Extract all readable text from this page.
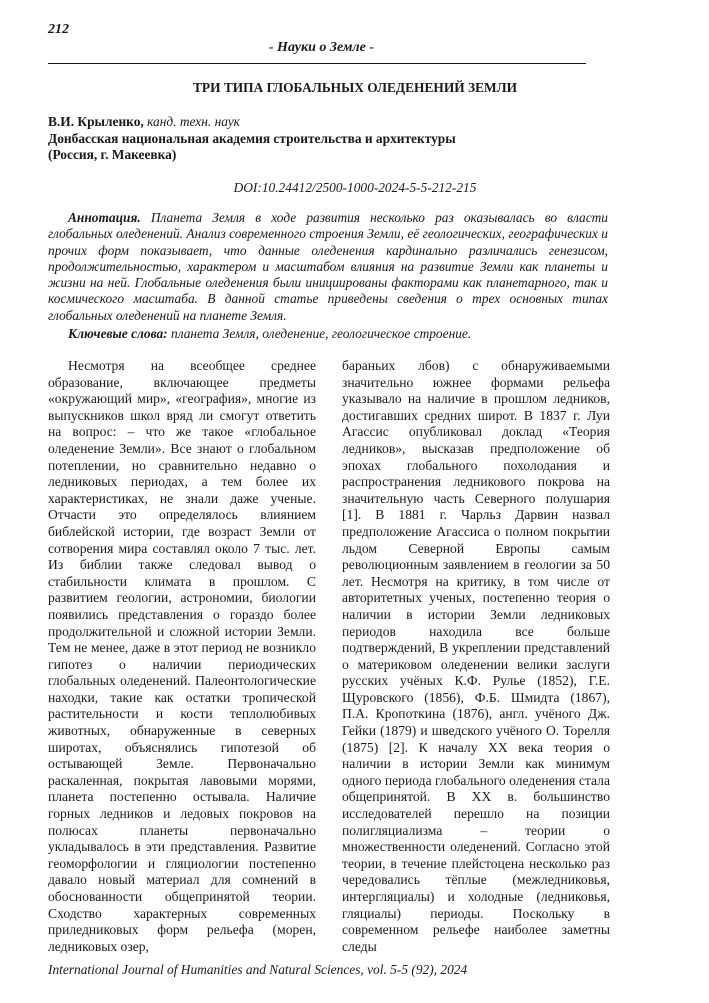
212
- Науки о Земле -
ТРИ ТИПА ГЛОБАЛЬНЫХ ОЛЕДЕНЕНИЙ ЗЕМЛИ
В.И. Крыленко, канд. техн. наук
Донбасская национальная академия строительства и архитектуры
(Россия, г. Макеевка)
DOI:10.24412/2500-1000-2024-5-5-212-215

Аннотация. Планета Земля в ходе развития несколько раз оказывалась во власти глобальных оледенений. Анализ современного строения Земли, её геологических, географических и прочих форм показывает, что данные оледенения кардинально различались генезисом, продолжительностью, характером и масштабом влияния на развитие Земли как планеты и жизни на ней. Глобальные оледенения были инициированы факторами как планетарного, так и космического масштаба. В данной статье приведены сведения о трех основных типах глобальных оледенений на планете Земля.

Ключевые слова: планета Земля, оледенение, геологическое строение.

Несмотря на всеобщее среднее образование, включающее предметы «окружающий мир», «география», многие из выпускников школ вряд ли смогут ответить на вопрос: – что же такое «глобальное оледенение Земли». Все знают о глобальном потеплении, но сравнительно недавно о ледниковых периодах, а тем более их характеристиках, не знали даже ученые. Отчасти это определялось влиянием библейской истории, где возраст Земли от сотворения мира составлял около 7 тыс. лет. Из библии также следовал вывод о стабильности климата в прошлом. С развитием геологии, астрономии, биологии появились представления о гораздо более продолжительной и сложной истории Земли. Тем не менее, даже в этот период не возникло гипотез о наличии периодических глобальных оледенений. Палеонтологические находки, такие как остатки тропической растительности и кости теплолюбивых животных, обнаруженные в северных широтах, объяснялись гипотезой об остывающей Земле. Первоначально раскаленная, покрытая лавовыми морями, планета постепенно остывала. Наличие горных ледников и ледовых покровов на полюсах планеты первоначально укладывалось в эти представления. Развитие геоморфологии и гляциологии постепенно давало новый материал для сомнений в обоснованности общепринятой теории. Сходство характерных современных приледниковых форм рельефа (морен, ледниковых озер,

бараньих лбов) с обнаруживаемыми значительно южнее формами рельефа указывало на наличие в прошлом ледников, достигавших средних широт. В 1837 г. Луи Агассис опубликовал доклад «Теория ледников», высказав предположение об эпохах глобального похолодания и распространения ледникового покрова на значительную часть Северного полушария [1]. В 1881 г. Чарльз Дарвин назвал предположение Агассиса о полном покрытии льдом Северной Европы самым революционным заявлением в геологии за 50 лет. Несмотря на критику, в том числе от авторитетных ученых, постепенно теория о наличии в истории Земли ледниковых периодов находила все больше подтверждений, В укреплении представлений о материковом оледенении велики заслуги русских учёных К.Ф. Рулье (1852), Г.Е. Щуровского (1856), Ф.Б. Шмидта (1867), П.А. Кропоткина (1876), англ. учёного Дж. Гейки (1879) и шведского учёного О. Торелля (1875) [2]. К началу XX века теория о наличии в истории Земли как минимум одного периода глобального оледенения стала общепринятой. В XX в. большинство исследователей перешло на позиции полигляциализма – теории о множественности оледенений. Согласно этой теории, в течение плейстоцена несколько раз чередовались тёплые (межледниковья, интергляциалы) и холодные (ледниковья, гляциалы) периоды. Поскольку в современном рельефе наиболее заметны следы

International Journal of Humanities and Natural Sciences, vol. 5-5 (92), 2024
